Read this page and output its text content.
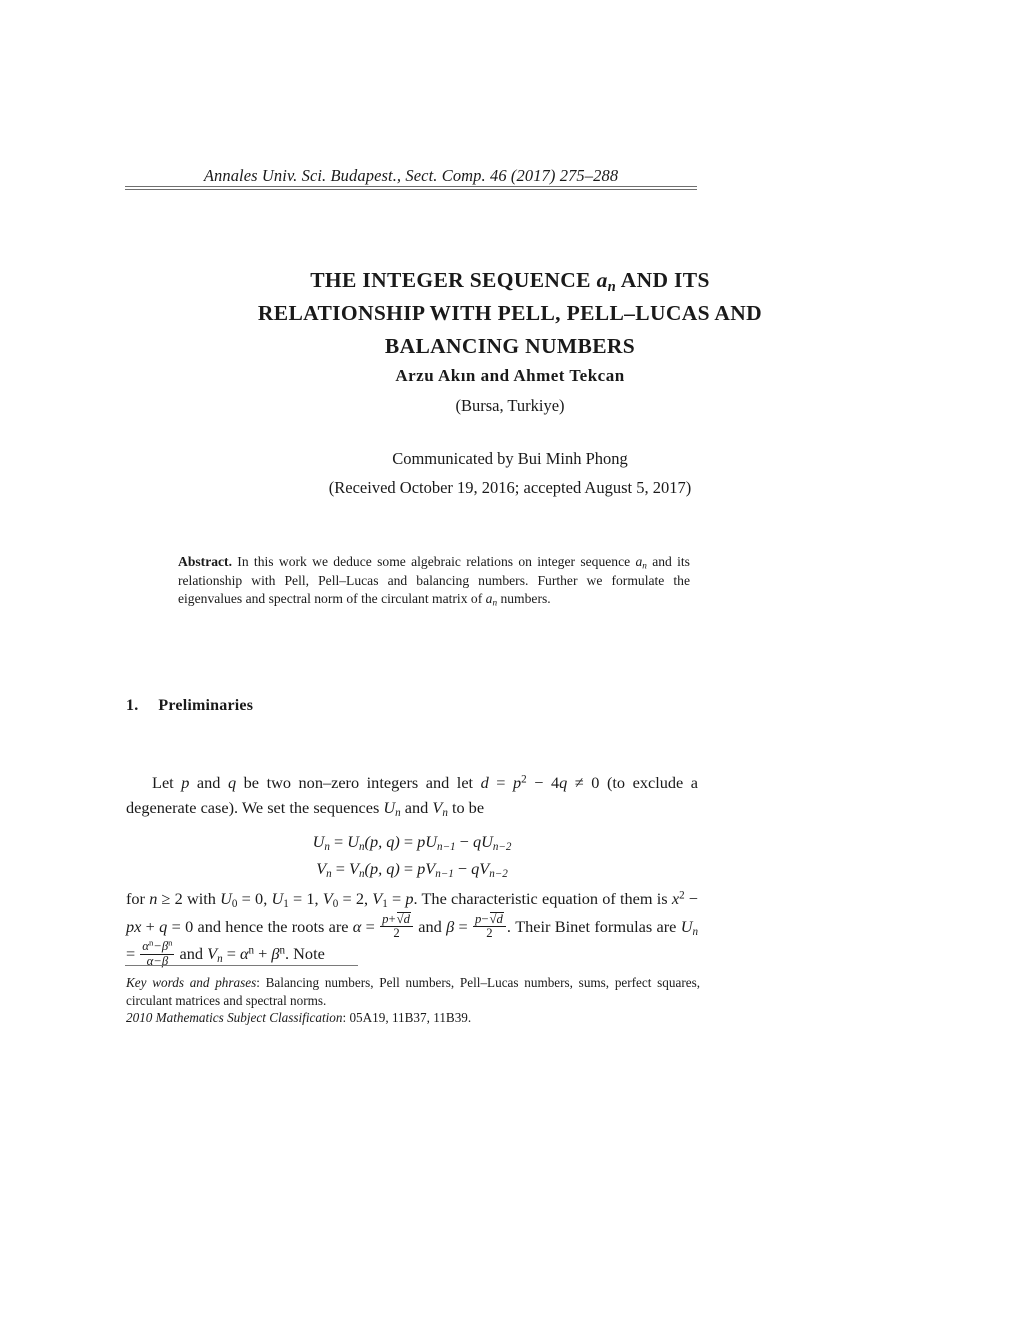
Annales Univ. Sci. Budapest., Sect. Comp. 46 (2017) 275–288
THE INTEGER SEQUENCE $a_n$ AND ITS
RELATIONSHIP WITH PELL, PELL–LUCAS AND
BALANCING NUMBERS
Arzu Akın and Ahmet Tekcan
(Bursa, Turkiye)
Communicated by Bui Minh Phong
(Received October 19, 2016; accepted August 5, 2017)
Abstract. In this work we deduce some algebraic relations on integer sequence $a_n$ and its relationship with Pell, Pell–Lucas and balancing numbers. Further we formulate the eigenvalues and spectral norm of the circulant matrix of $a_n$ numbers.
1. Preliminaries
Let p and q be two non–zero integers and let $d = p^2 - 4q \ne 0$ (to exclude a degenerate case). We set the sequences $U_n$ and $V_n$ to be
$U_n = U_n(p$, $q) = pU_{n-1} - qU_{n-2}$
$V_n = V_n(p$, $q) = pV_{n-1} - qV_{n-2}$
for n ≥ 2 with $U_0 = 0$, $U_1 = 1$, $V_0 = 2$, $V_1 = p$. The characteristic equation of them is $x^2$ − px + q = 0 and hence the roots are $\alpha = \frac{p+√d}{2}$ and $\beta = \frac{p-√d}{2}$ . Their Binet formulas are $U_n = \frac{\alpha^n-\beta^n}{\alpha-\beta}$ and $V_n = \alpha^n + \beta^n$. Note
Key words and phrases: Balancing numbers, Pell numbers, Pell–Lucas numbers, sums, perfect squares, circulant matrices and spectral norms.
2010 Mathematics Subject Classification: 05A19, 11B37, 11B39.
